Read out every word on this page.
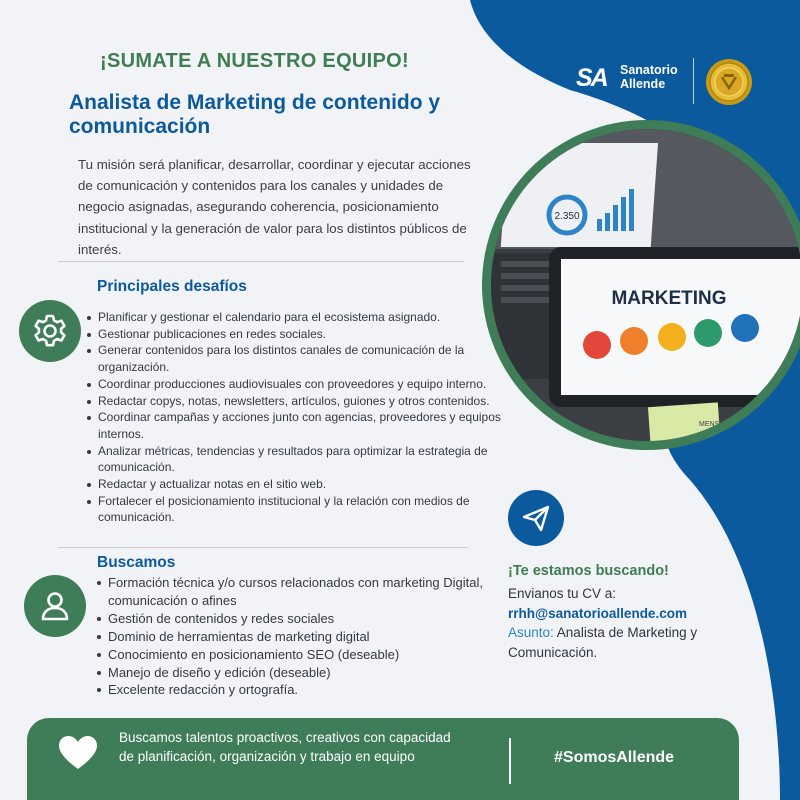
¡SUMATE A NUESTRO EQUIPO!
Analista de Marketing de contenido y comunicación

Tu misión será planificar, desarrollar, coordinar y ejecutar acciones de comunicación y contenidos para los canales y unidades de negocio asignadas, asegurando coherencia, posicionamiento institucional y la generación de valor para los distintos públicos de interés.

SA Sanatorio
Allende
2.350
MARKETING
MENSAJE
Principales desafíos
Planificar y gestionar el calendario para el ecosistema asignado.
Gestionar publicaciones en redes sociales.
Generar contenidos para los distintos canales de comunicación de la organización.
Coordinar producciones audiovisuales con proveedores y equipo interno.
Redactar copys, notas, newsletters, artículos, guiones y otros contenidos.
Coordinar campañas y acciones junto con agencias, proveedores y equipos internos.
Analizar métricas, tendencias y resultados para optimizar la estrategia de comunicación.
Redactar y actualizar notas en el sitio web.
Fortalecer el posicionamiento institucional y la relación con medios de comunicación.
Buscamos
Formación técnica y/o cursos relacionados con marketing Digital, comunicación o afines
Gestión de contenidos y redes sociales
Dominio de herramientas de marketing digital
Conocimiento en posicionamiento SEO (deseable)
Manejo de diseño y edición (deseable)
Excelente redacción y ortografía.
¡Te estamos buscando!
Envianos tu CV a:
rrhh@sanatorioallende.com
Asunto: Analista de Marketing y Comunicación.
Buscamos talentos proactivos, creativos con capacidad de planificación, organización y trabajo en equipo	#SomosAllende
